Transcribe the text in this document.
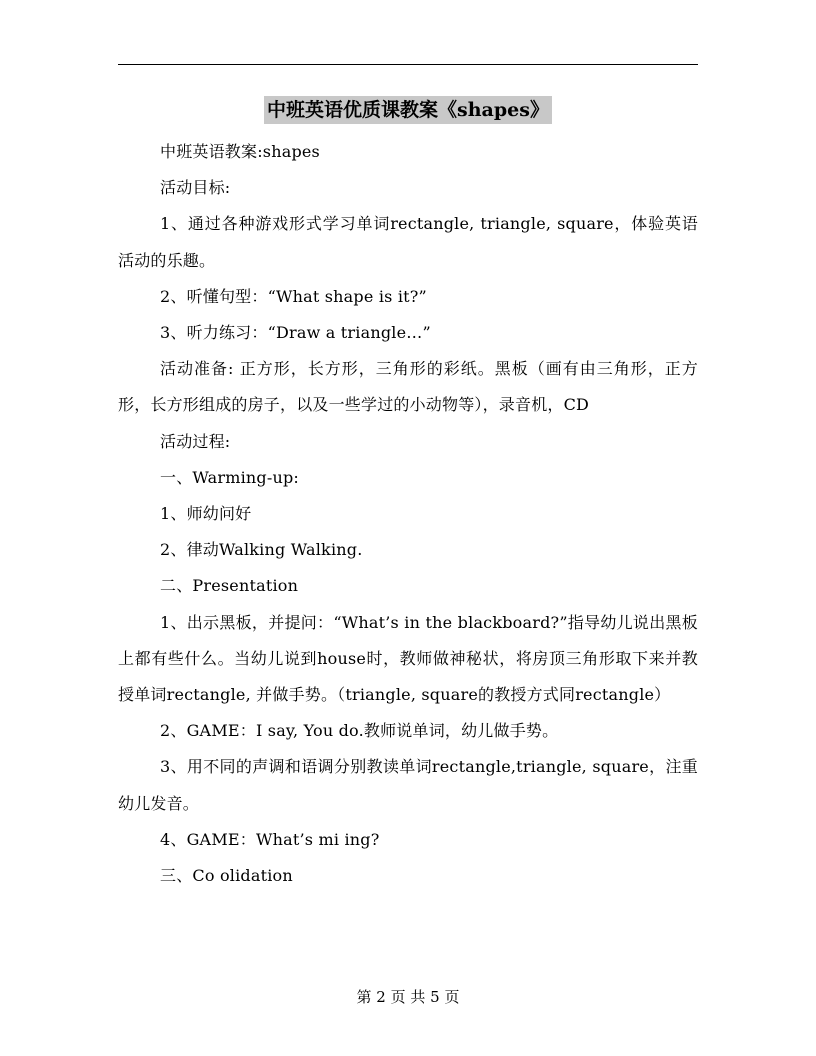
中班英语优质课教案《shapes》

中班英语教案:shapes

活动目标:

1、通过各种游戏形式学习单词rectangle, triangle, square，体验英语活动的乐趣。

2、听懂句型：“What shape is it?”

3、听力练习：“Draw a triangle…”

活动准备: 正方形，长方形，三角形的彩纸。黑板（画有由三角形，正方形，长方形组成的房子，以及一些学过的小动物等），录音机，CD

活动过程:

一、Warming-up:

1、师幼问好

2、律动Walking Walking.

二、Presentation

1、出示黑板，并提问：“What’s in the blackboard?”指导幼儿说出黑板上都有些什么。当幼儿说到house时，教师做神秘状，将房顶三角形取下来并教授单词rectangle, 并做手势。（triangle, square的教授方式同rectangle）

2、GAME：I say, You do.教师说单词，幼儿做手势。

3、用不同的声调和语调分别教读单词rectangle,triangle, square，注重幼儿发音。

4、GAME：What’s mi ing?

三、Co olidation

第 2 页 共 5 页
